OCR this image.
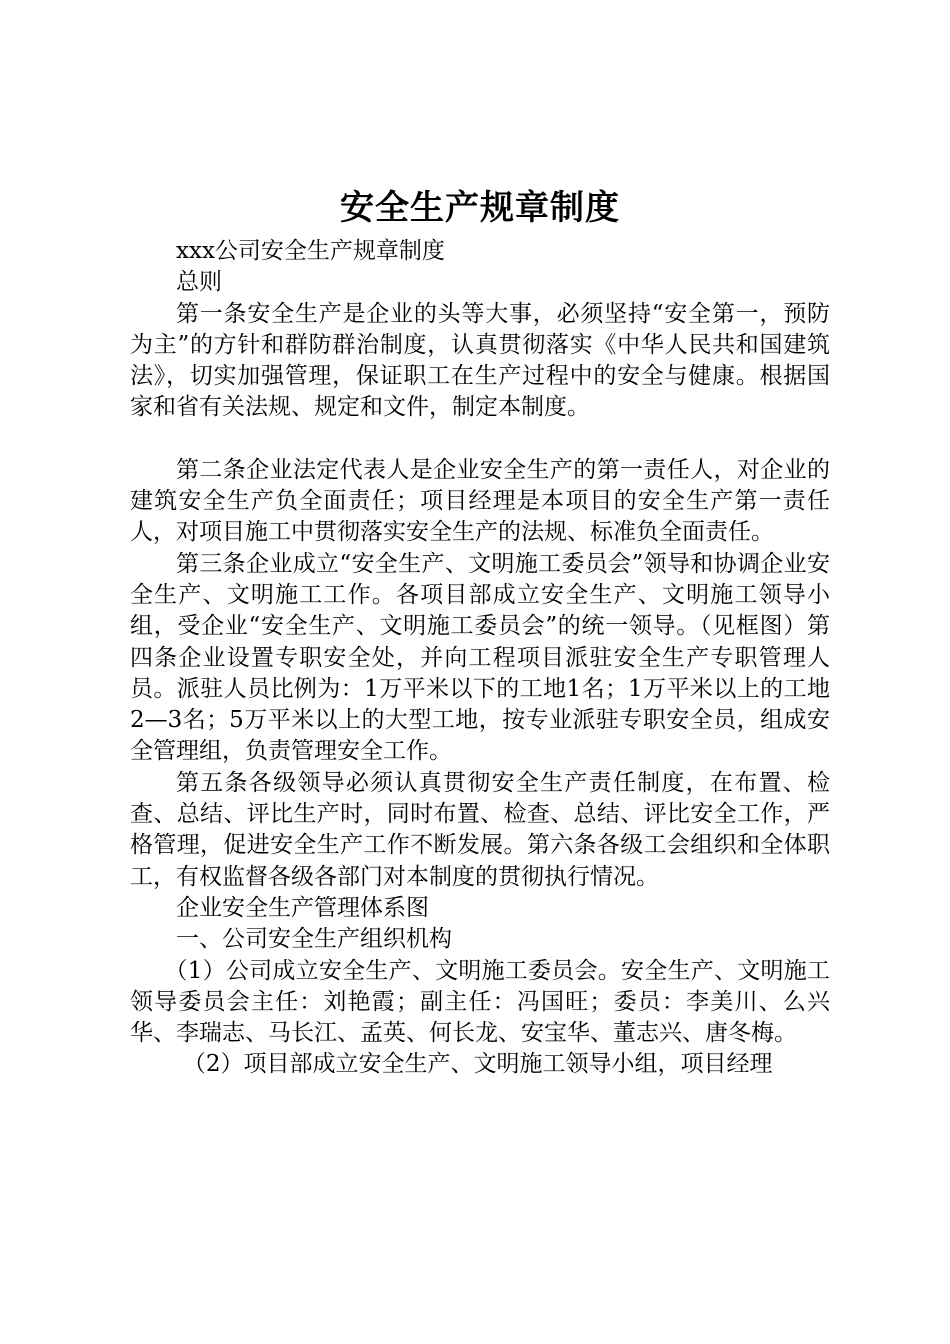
安全生产规章制度

xxx公司安全生产规章制度

总则

第一条安全生产是企业的头等大事，必须坚持“安全第一，预防为主”的方针和群防群治制度，认真贯彻落实《中华人民共和国建筑法》，切实加强管理，保证职工在生产过程中的安全与健康。根据国家和省有关法规、规定和文件，制定本制度。

第二条企业法定代表人是企业安全生产的第一责任人，对企业的建筑安全生产负全面责任；项目经理是本项目的安全生产第一责任人，对项目施工中贯彻落实安全生产的法规、标准负全面责任。

第三条企业成立“安全生产、文明施工委员会”领导和协调企业安全生产、文明施工工作。各项目部成立安全生产、文明施工领导小组，受企业“安全生产、文明施工委员会”的统一领导。（见框图）第四条企业设置专职安全处，并向工程项目派驻安全生产专职管理人员。派驻人员比例为：1万平米以下的工地1名；1万平米以上的工地2—3名；5万平米以上的大型工地，按专业派驻专职安全员，组成安全管理组，负责管理安全工作。

第五条各级领导必须认真贯彻安全生产责任制度，在布置、检查、总结、评比生产时，同时布置、检查、总结、评比安全工作，严格管理，促进安全生产工作不断发展。第六条各级工会组织和全体职工，有权监督各级各部门对本制度的贯彻执行情况。

企业安全生产管理体系图

一、公司安全生产组织机构

（1）公司成立安全生产、文明施工委员会。安全生产、文明施工领导委员会主任：刘艳霞；副主任：冯国旺；委员：李美川、么兴华、李瑞志、马长江、孟英、何长龙、安宝华、董志兴、唐冬梅。

（2）项目部成立安全生产、文明施工领导小组，项目经理
